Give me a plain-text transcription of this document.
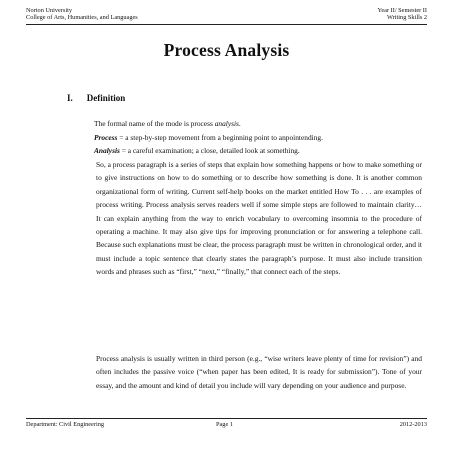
Norton University	Year II/ Semester II
College of Arts, Humanities, and Languages	Writing Skills 2
Process Analysis
I. Definition

The formal name of the mode is process analysis.

Process = a step-by-step movement from a beginning point to anpointending.

Analysis = a careful examination; a close, detailed look at something.

So, a process paragraph is a series of steps that explain how something happens or how to make something or to give instructions on how to do something or to describe how something is done. It is another common organizational form of writing. Current self-help books on the market entitled How To . . . are examples of process writing. Process analysis serves readers well if some simple steps are followed to maintain clarity… It can explain anything from the way to enrich vocabulary to overcoming insomnia to the procedure of operating a machine. It may also give tips for improving pronunciation or for answering a telephone call. Because such explanations must be clear, the process paragraph must be written in chronological order, and it must include a topic sentence that clearly states the paragraph’s purpose. It must also include transition words and phrases such as “first,” “next,” “finally,” that connect each of the steps.

Process analysis is usually written in third person (e.g., “wise writers leave plenty of time for revision”) and often includes the passive voice (“when paper has been edited, It is ready for submission”). Tone of your essay, and the amount and kind of detail you include will vary depending on your audience and purpose.

Department: Civil Engineering	Page 1	2012-2013
